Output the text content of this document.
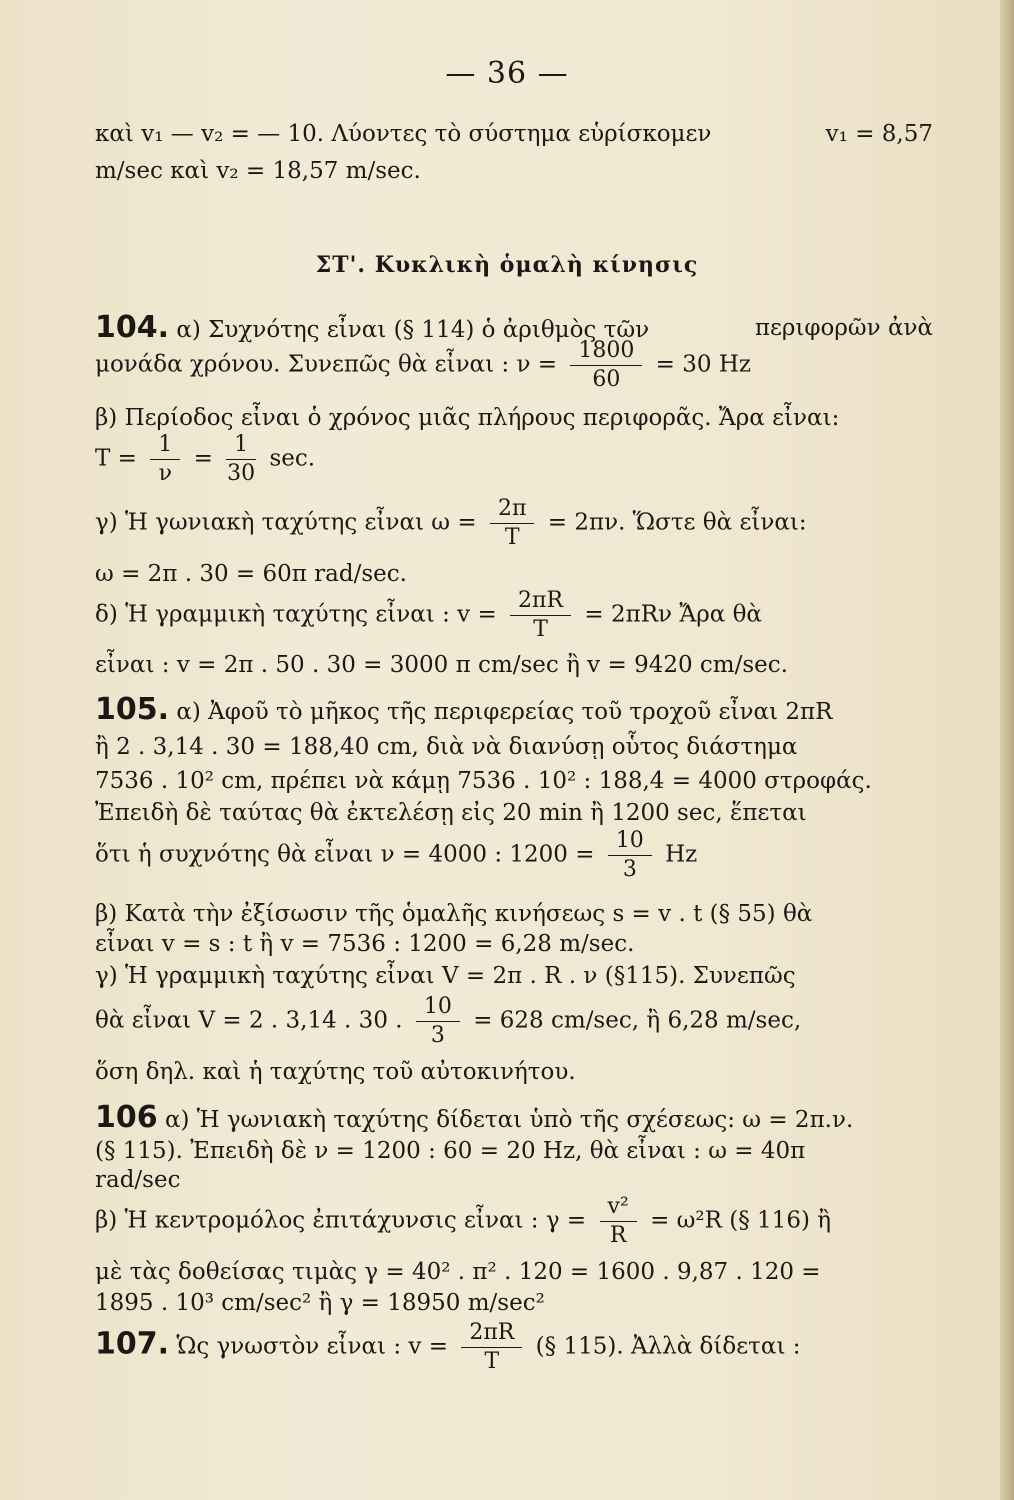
— 36 —
καὶ v₁ — v₂ = — 10. Λύοντες τὸ σύστημα εὑρίσκομεν	v₁ = 8,57
m/sec καὶ v₂ = 18,57 m/sec.
ΣΤ'. Κυκλικὴ ὁμαλὴ κίνησις
104. α) Συχνότης εἶναι (§ 114) ὁ ἀριθμὸς τῶν	περιφορῶν ἀνὰ
μονάδα χρόνου. Συνεπῶς θὰ εἶναι : $\nu = \frac{1800}{60} = 30$ Hz
β) Περίοδος εἶναι ὁ χρόνος μιᾶς πλήρους περιφορᾶς. Ἄρα εἶναι:
$T = \frac{1}{\nu} = \frac{1}{30} \sec$.
γ) Ἡ γωνιακὴ ταχύτης εἶναι $\omega = \frac{2\pi}{T} = 2\pi\nu$. Ὥστε θὰ εἶναι:
ω = 2π . 30 = 60π rad/sec.
δ) Ἡ γραμμικὴ ταχύτης εἶναι : $v = \frac{2\pi R}{T} = 2\pi R\nu$ Ἄρα θὰ
εἶναι : v = 2π . 50 . 30 = 3000 π cm/sec ἢ v = 9420 cm/sec.
105. α) Ἀφοῦ τὸ μῆκος τῆς περιφερείας τοῦ τροχοῦ εἶναι 2πR
ἢ 2 . 3,14 . 30 = 188,40 cm, διὰ νὰ διανύσῃ οὗτος διάστημα
7536 . 10² cm, πρέπει νὰ κάμῃ 7536 . 10² : 188,4 = 4000 στροφάς.
Ἐπειδὴ δὲ ταύτας θὰ ἐκτελέσῃ εἰς 20 min ἢ 1200 sec, ἕπεται
ὅτι ἡ συχνότης θὰ εἶναι ν = 4000 : $1200 = \frac{10}{3}$ Hz
β) Κατὰ τὴν ἐξίσωσιν τῆς ὁμαλῆς κινήσεως s = v . t (§ 55) θὰ
εἶναι v = s : t ἢ v = 7536 : 1200 = 6,28 m/sec.
γ) Ἡ γραμμικὴ ταχύτης εἶναι V = 2π . R . ν (§115). Συνεπῶς
θὰ εἶναι V = 2 . 3,14 . 30 . $\frac{10}{3} = 628$ cm/sec, ἢ 6,28 m/sec,
ὅση δηλ. καὶ ἡ ταχύτης τοῦ αὐτοκινήτου.
106 α) Ἡ γωνιακὴ ταχύτης δίδεται ὑπὸ τῆς σχέσεως: ω = 2π.ν.
(§ 115). Ἐπειδὴ δὲ ν = 1200 : 60 = 20 Hz, θὰ εἶναι : ω = 40π
rad/sec
β) Ἡ κεντρομόλος ἐπιτάχυνσις εἶναι : $\gamma = \frac{\text{v²}}{R} = \omega^2R$ (§ 116) ἢ
μὲ τὰς δοθείσας τιμὰς γ = 40² . π² . 120 = 1600 . 9,87 . 120 =
1895 . 10³ cm/sec² ἢ γ = 18950 m/sec²
107. Ὡς γνωστὸν εἶναι : $v = \frac{2\pi R}{T}$ (§ 115). Ἀλλὰ δίδεται :
